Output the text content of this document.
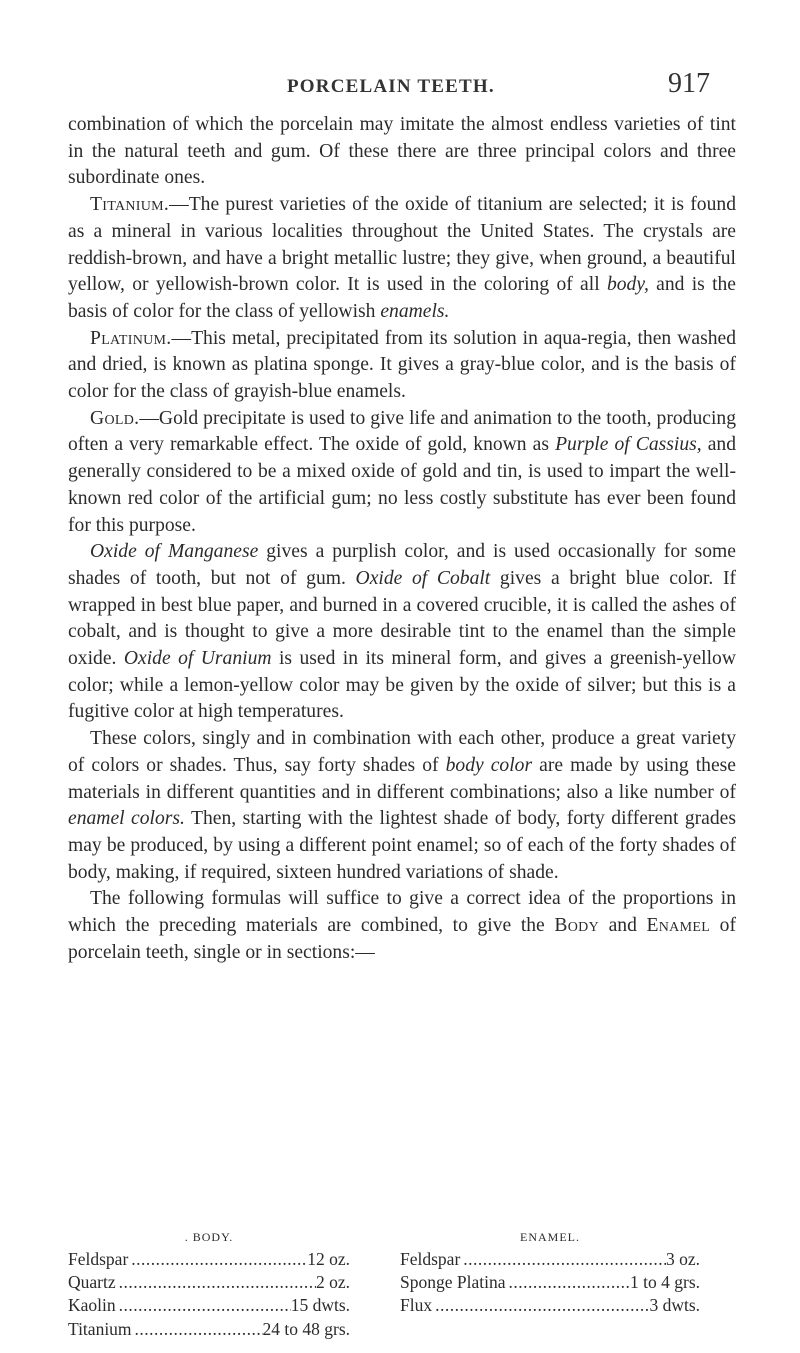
PORCELAIN TEETH.	917

combination of which the porcelain may imitate the almost endless varieties of tint in the natural teeth and gum. Of these there are three principal colors and three subordinate ones.

Titanium.—The purest varieties of the oxide of titanium are selected; it is found as a mineral in various localities throughout the United States. The crystals are reddish-brown, and have a bright metallic lustre; they give, when ground, a beautiful yellow, or yellowish-brown color. It is used in the coloring of all body, and is the basis of color for the class of yellowish enamels.

Platinum.—This metal, precipitated from its solution in aqua-regia, then washed and dried, is known as platina sponge. It gives a gray-blue color, and is the basis of color for the class of grayish-blue enamels.

Gold.—Gold precipitate is used to give life and animation to the tooth, producing often a very remarkable effect. The oxide of gold, known as Purple of Cassius, and generally considered to be a mixed oxide of gold and tin, is used to impart the well-known red color of the artificial gum; no less costly substitute has ever been found for this purpose.

Oxide of Manganese gives a purplish color, and is used occasionally for some shades of tooth, but not of gum. Oxide of Cobalt gives a bright blue color. If wrapped in best blue paper, and burned in a covered crucible, it is called the ashes of cobalt, and is thought to give a more desirable tint to the enamel than the simple oxide. Oxide of Uranium is used in its mineral form, and gives a greenish-yellow color; while a lemon-yellow color may be given by the oxide of silver; but this is a fugitive color at high temperatures.

These colors, singly and in combination with each other, produce a great variety of colors or shades. Thus, say forty shades of body color are made by using these materials in different quantities and in different combinations; also a like number of enamel colors. Then, starting with the lightest shade of body, forty different grades may be produced, by using a different point enamel; so of each of the forty shades of body, making, if required, sixteen hundred variations of shade.

The following formulas will suffice to give a correct idea of the proportions in which the preceding materials are combined, to give the Body and Enamel of porcelain teeth, single or in sections:—

. BODY.
Feldspar .....	12 oz.
Quartz .....	2 oz.
Kaolin .....	15 dwts.
Titanium .....	24 to 48 grs.
ENAMEL.
Feldspar .....	3 oz.
Sponge Platina .....	1 to 4 grs.
Flux .....	3 dwts.
